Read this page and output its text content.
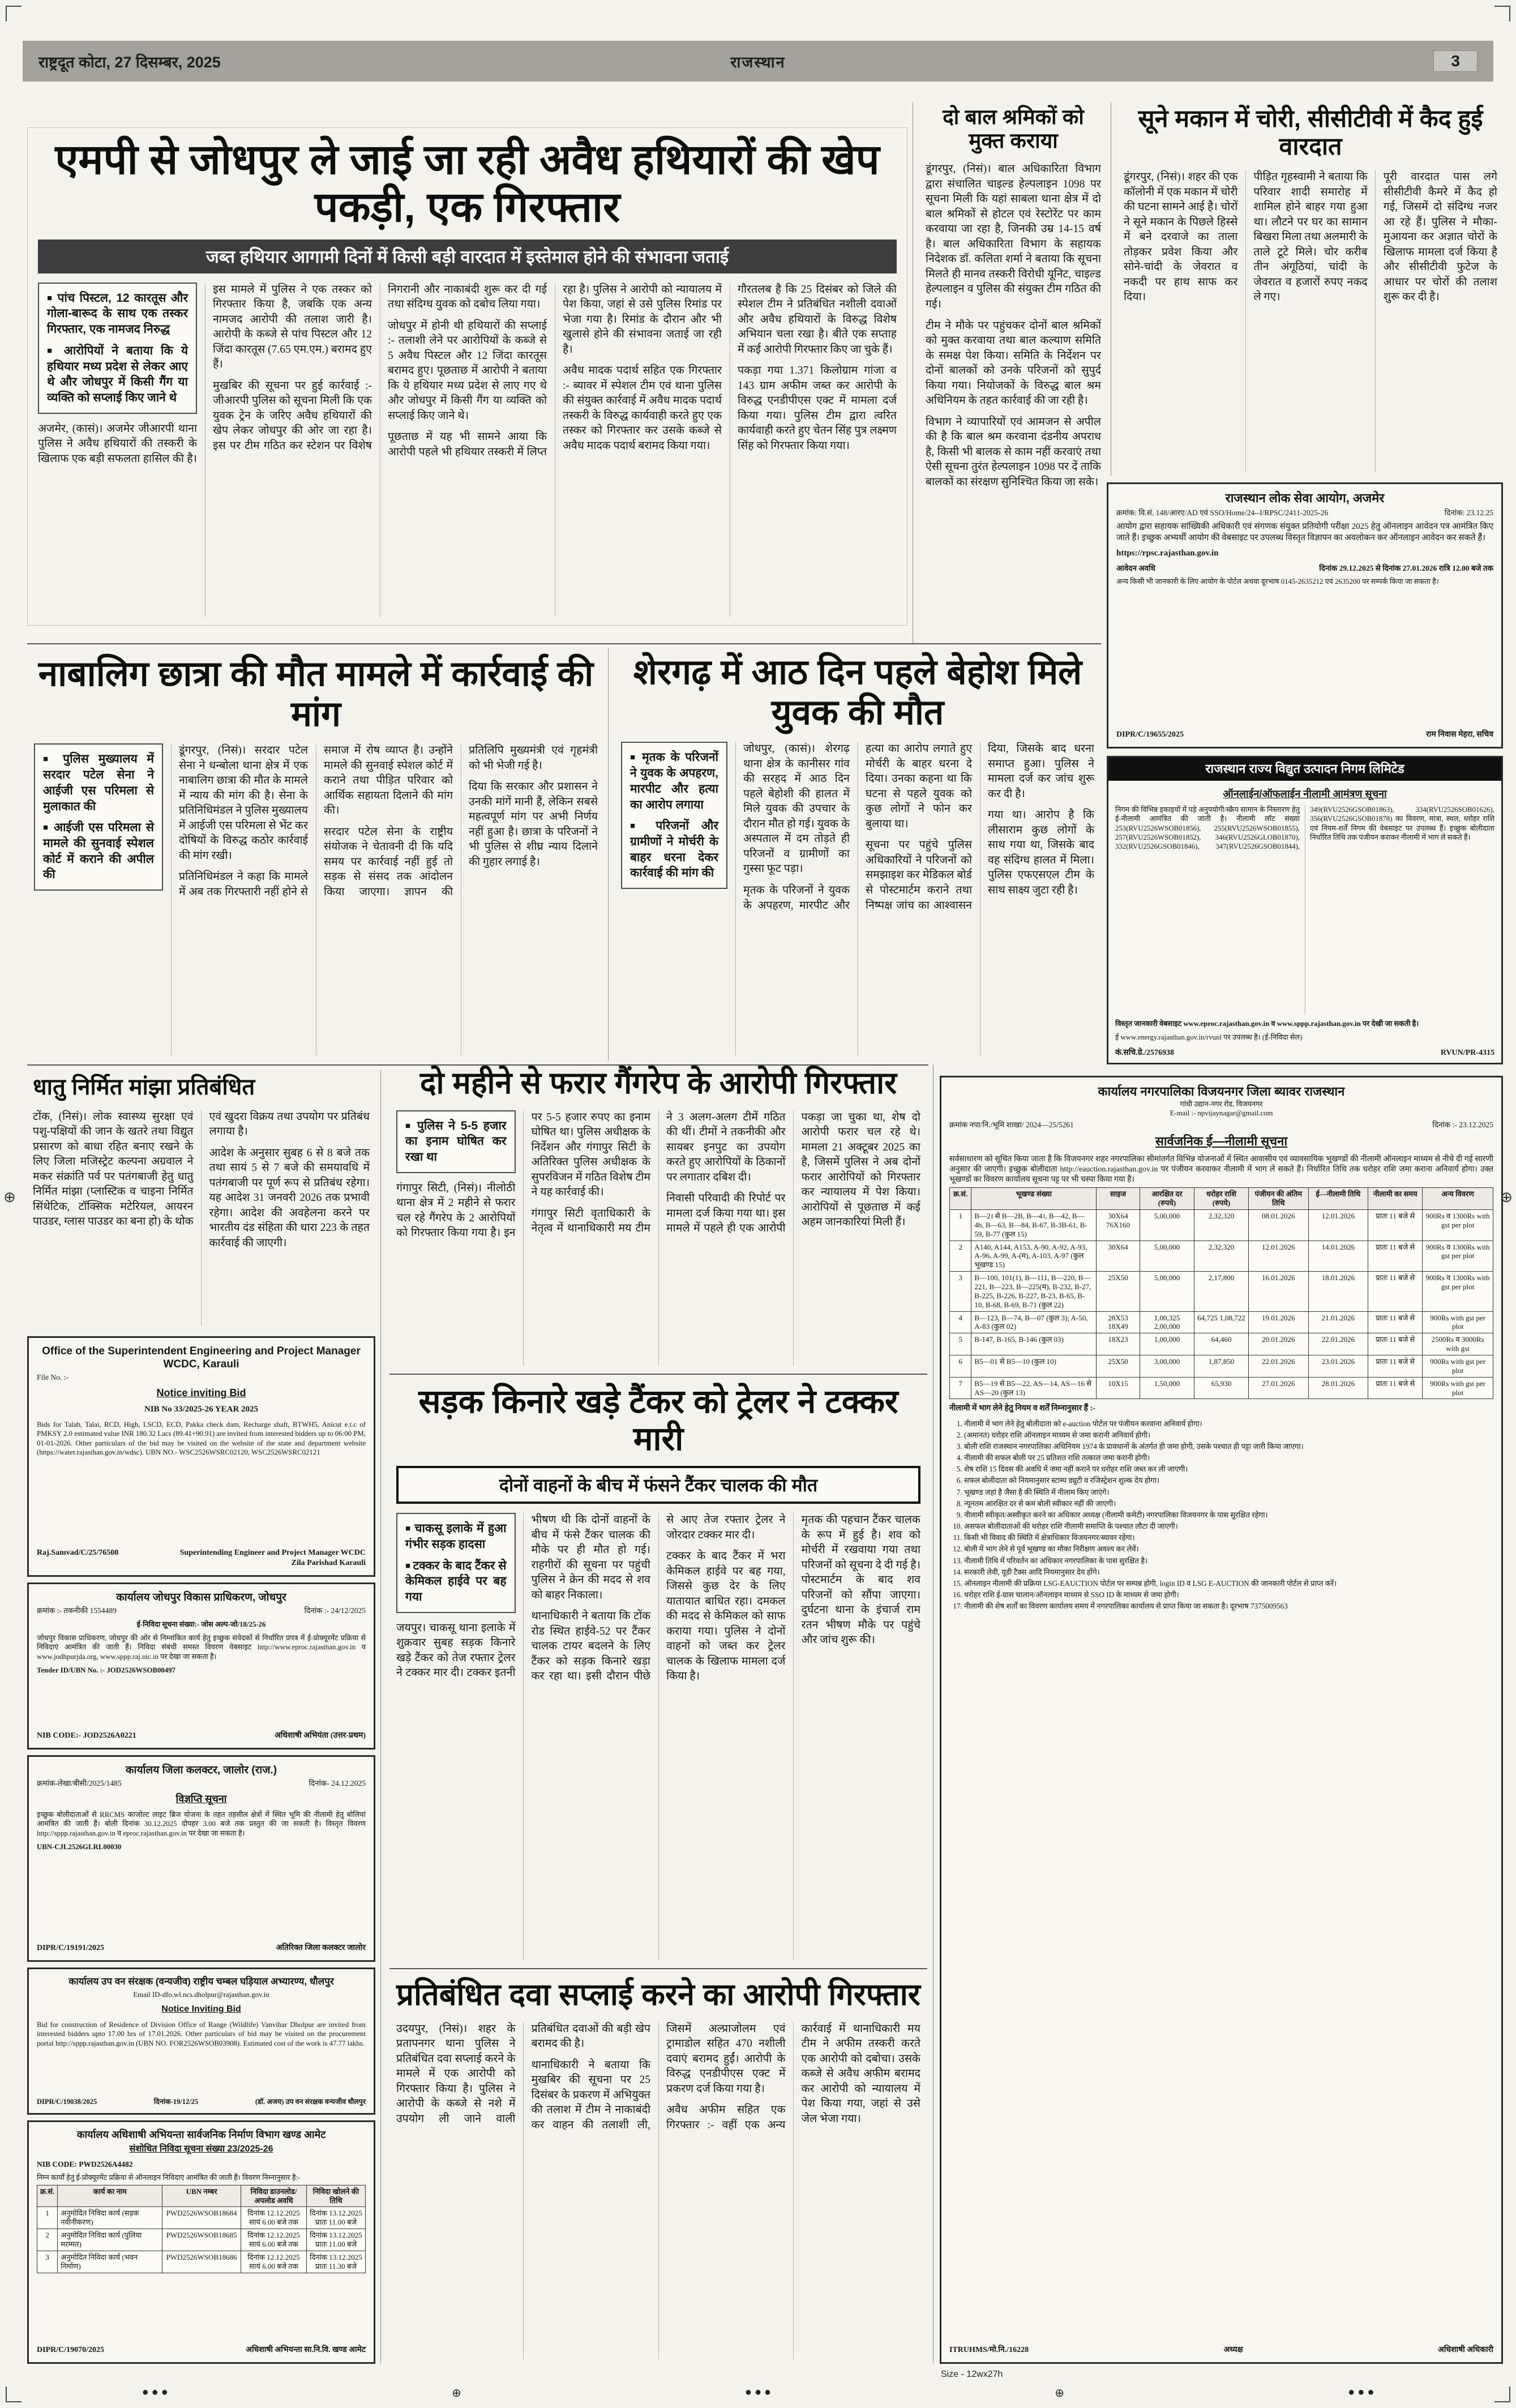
राष्ट्रदूत कोटा, 27 दिसम्बर, 2025	राजस्थान	3
एमपी से जोधपुर ले जाई जा रही अवैध हथियारों की खेप पकड़ी, एक गिरफ्तार
जब्त हथियार आगामी दिनों में किसी बड़ी वारदात में इस्तेमाल होने की संभावना जताई
■ पांच पिस्टल, 12 कारतूस और गोला-बारूद के साथ एक तस्कर गिरफ्तार, एक नामजद निरुद्ध
■ आरोपियों ने बताया कि ये हथियार मध्य प्रदेश से लेकर आए थे और जोधपुर में किसी गैंग या व्यक्ति को सप्लाई किए जाने थे

अजमेर, (कासं)। अजमेर जीआरपी थाना पुलिस ने अवैध हथियारों की तस्करी के खिलाफ एक बड़ी सफलता हासिल की है। इस मामले में पुलिस ने एक तस्कर को गिरफ्तार किया है, जबकि एक अन्य नामजद आरोपी की तलाश जारी है। आरोपी के कब्जे से पांच पिस्टल और 12 जिंदा कारतूस (7.65 एम.एम.) बरामद हुए हैं।

मुखबिर की सूचना पर हुई कार्रवाई :- जीआरपी पुलिस को सूचना मिली कि एक युवक ट्रेन के जरिए अवैध हथियारों की खेप लेकर जोधपुर की ओर जा रहा है। इस पर टीम गठित कर स्टेशन पर विशेष निगरानी और नाकाबंदी शुरू कर दी गई तथा संदिग्ध युवक को दबोच लिया गया।

जोधपुर में होनी थी हथियारों की सप्लाई :- तलाशी लेने पर आरोपियों के कब्जे से 5 अवैध पिस्टल और 12 जिंदा कारतूस बरामद हुए। पूछताछ में आरोपी ने बताया कि ये हथियार मध्य प्रदेश से लाए गए थे और जोधपुर में किसी गैंग या व्यक्ति को सप्लाई किए जाने थे।

पूछताछ में यह भी सामने आया कि आरोपी पहले भी हथियार तस्करी में लिप्त रहा है। पुलिस ने आरोपी को न्यायालय में पेश किया, जहां से उसे पुलिस रिमांड पर भेजा गया है। रिमांड के दौरान और भी खुलासे होने की संभावना जताई जा रही है।

अवैध मादक पदार्थ सहित एक गिरफ्तार :- ब्यावर में स्पेशल टीम एवं थाना पुलिस की संयुक्त कार्रवाई में अवैध मादक पदार्थ तस्करी के विरुद्ध कार्यवाही करते हुए एक तस्कर को गिरफ्तार कर उसके कब्जे से अवैध मादक पदार्थ बरामद किया गया।

गौरतलब है कि 25 दिसंबर को जिले की स्पेशल टीम ने प्रतिबंधित नशीली दवाओं और अवैध हथियारों के विरुद्ध विशेष अभियान चला रखा है। बीते एक सप्ताह में कई आरोपी गिरफ्तार किए जा चुके हैं।

पकड़ा गया 1.371 किलोग्राम गांजा व 143 ग्राम अफीम जब्त कर आरोपी के विरुद्ध एनडीपीएस एक्ट में मामला दर्ज किया गया। पुलिस टीम द्वारा त्वरित कार्यवाही करते हुए चेतन सिंह पुत्र लक्ष्मण सिंह को गिरफ्तार किया गया।

दो बाल श्रमिकों को मुक्त कराया

डूंगरपुर, (निसं)। बाल अधिकारिता विभाग द्वारा संचालित चाइल्ड हेल्पलाइन 1098 पर सूचना मिली कि यहां साबला थाना क्षेत्र में दो बाल श्रमिकों से होटल एवं रेस्टोरेंट पर काम करवाया जा रहा है, जिनकी उम्र 14-15 वर्ष है। बाल अधिकारिता विभाग के सहायक निदेशक डॉ. कलिता शर्मा ने बताया कि सूचना मिलते ही मानव तस्करी विरोधी यूनिट, चाइल्ड हेल्पलाइन व पुलिस की संयुक्त टीम गठित की गई।

टीम ने मौके पर पहुंचकर दोनों बाल श्रमिकों को मुक्त करवाया तथा बाल कल्याण समिति के समक्ष पेश किया। समिति के निर्देशन पर दोनों बालकों को उनके परिजनों को सुपुर्द किया गया। नियोजकों के विरुद्ध बाल श्रम अधिनियम के तहत कार्रवाई की जा रही है।

विभाग ने व्यापारियों एवं आमजन से अपील की है कि बाल श्रम करवाना दंडनीय अपराध है, किसी भी बालक से काम नहीं करवाएं तथा ऐसी सूचना तुरंत हेल्पलाइन 1098 पर दें ताकि बालकों का संरक्षण सुनिश्चित किया जा सके।

सूने मकान में चोरी, सीसीटीवी में कैद हुई वारदात

डूंगरपुर, (निसं)। शहर की एक कॉलोनी में एक मकान में चोरी की घटना सामने आई है। चोरों ने सूने मकान के पिछले हिस्से में बने दरवाजे का ताला तोड़कर प्रवेश किया और सोने-चांदी के जेवरात व नकदी पर हाथ साफ कर दिया।

पीड़ित गृहस्वामी ने बताया कि परिवार शादी समारोह में शामिल होने बाहर गया हुआ था। लौटने पर घर का सामान बिखरा मिला तथा अलमारी के ताले टूटे मिले। चोर करीब तीन अंगूठियां, चांदी के जेवरात व हजारों रुपए नकद ले गए।

पूरी वारदात पास लगे सीसीटीवी कैमरे में कैद हो गई, जिसमें दो संदिग्ध नजर आ रहे हैं। पुलिस ने मौका-मुआयना कर अज्ञात चोरों के खिलाफ मामला दर्ज किया है और सीसीटीवी फुटेज के आधार पर चोरों की तलाश शुरू कर दी है।

राजस्थान लोक सेवा आयोग, अजमेर
क्रमांक: वि.सं. 148/आरए/AD एवं SSO/Home/24--I/RPSC/2411-2025-26	दिनांक: 23.12.25
आयोग द्वारा सहायक सांख्यिकी अधिकारी एवं संगणक संयुक्त प्रतियोगी परीक्षा 2025 हेतु ऑनलाइन आवेदन पत्र आमंत्रित किए जाते हैं। इच्छुक अभ्यर्थी आयोग की वेबसाइट पर उपलब्ध विस्तृत विज्ञापन का अवलोकन कर ऑनलाइन आवेदन कर सकते हैं।
https://rpsc.rajasthan.gov.in
आवेदन अवधि	दिनांक 29.12.2025 से दिनांक 27.01.2026 रात्रि 12.00 बजे तक
अन्य किसी भी जानकारी के लिए आयोग के पोर्टल अथवा दूरभाष 0145-2635212 एवं 2635200 पर सम्पर्क किया जा सकता है।
DIPR/C/19655/2025	राम निवास मेहरा, सचिव
नाबालिग छात्रा की मौत मामले में कार्रवाई की मांग
■ पुलिस मुख्यालय में सरदार पटेल सेना ने आईजी एस परिमला से मुलाकात की
■ आईजी एस परिमला से मामले की सुनवाई स्पेशल कोर्ट में कराने की अपील की

डूंगरपुर, (निसं)। सरदार पटेल सेना ने धन्बोला थाना क्षेत्र में एक नाबालिग छात्रा की मौत के मामले में न्याय की मांग की है। सेना के प्रतिनिधिमंडल ने पुलिस मुख्यालय में आईजी एस परिमला से भेंट कर दोषियों के विरुद्ध कठोर कार्रवाई की मांग रखी।

प्रतिनिधिमंडल ने कहा कि मामले में अब तक गिरफ्तारी नहीं होने से समाज में रोष व्याप्त है। उन्होंने मामले की सुनवाई स्पेशल कोर्ट में कराने तथा पीड़ित परिवार को आर्थिक सहायता दिलाने की मांग की।

सरदार पटेल सेना के राष्ट्रीय संयोजक ने चेतावनी दी कि यदि समय पर कार्रवाई नहीं हुई तो सड़क से संसद तक आंदोलन किया जाएगा। ज्ञापन की प्रतिलिपि मुख्यमंत्री एवं गृहमंत्री को भी भेजी गई है।

दिया कि सरकार और प्रशासन ने उनकी मांगें मानी हैं, लेकिन सबसे महत्वपूर्ण मांग पर अभी निर्णय नहीं हुआ है। छात्रा के परिजनों ने भी पुलिस से शीघ्र न्याय दिलाने की गुहार लगाई है।

शेरगढ़ में आठ दिन पहले बेहोश मिले युवक की मौत
■ मृतक के परिजनों ने युवक के अपहरण, मारपीट और हत्या का आरोप लगाया
■ परिजनों और ग्रामीणों ने मोर्चरी के बाहर धरना देकर कार्रवाई की मांग की

जोधपुर, (कासं)। शेरगढ़ थाना क्षेत्र के कानीसर गांव की सरहद में आठ दिन पहले बेहोशी की हालत में मिले युवक की उपचार के दौरान मौत हो गई। युवक के अस्पताल में दम तोड़ते ही परिजनों व ग्रामीणों का गुस्सा फूट पड़ा।

मृतक के परिजनों ने युवक के अपहरण, मारपीट और हत्या का आरोप लगाते हुए मोर्चरी के बाहर धरना दे दिया। उनका कहना था कि घटना से पहले युवक को कुछ लोगों ने फोन कर बुलाया था।

सूचना पर पहुंचे पुलिस अधिकारियों ने परिजनों को समझाइश कर मेडिकल बोर्ड से पोस्टमार्टम कराने तथा निष्पक्ष जांच का आश्वासन दिया, जिसके बाद धरना समाप्त हुआ। पुलिस ने मामला दर्ज कर जांच शुरू कर दी है।

गया था। आरोप है कि लीसाराम कुछ लोगों के साथ गया था, जिसके बाद वह संदिग्ध हालत में मिला। पुलिस एफएसएल टीम के साथ साक्ष्य जुटा रही है।

राजस्थान राज्य विद्युत उत्पादन निगम लिमिटेड
ऑनलाईन/ऑफलाईन नीलामी आमंत्रण सूचना
निगम की विभिन्न इकाइयों में पड़े अनुपयोगी/स्क्रैप सामान के निस्तारण हेतु ई-नीलामी आमंत्रित की जाती है। नीलामी लॉट संख्या 253(RVU2526WSOB01856), 255(RVU2526WSOB01855), 257(RVU2526WSOB01852), 346(RVU2526GLOB01870), 332(RVU2526GSOB01846), 347(RVU2526GSOB01844), 349(RVU2526GSOB01863), 334(RVU2526SOB01626), 356(RVU2526GSOB01878) का विवरण, मात्रा, स्थल, धरोहर राशि एवं नियम-शर्तें निगम की वेबसाइट पर उपलब्ध हैं। इच्छुक बोलीदाता निर्धारित तिथि तक पंजीयन कराकर नीलामी में भाग ले सकते हैं।
विस्तृत जानकारी वेबसाइट www.eproc.rajasthan.gov.in व www.sppp.rajasthan.gov.in पर देखी जा सकती है।
ई www.energy.rajasthan.gov.in/rvunl पर उपलब्ध है। (ई-निविदा सेल)
कं.सचि.ग्रे./2576938	RVUN/PR-4315
धातु निर्मित मांझा प्रतिबंधित

टोंक, (निसं)। लोक स्वास्थ्य सुरक्षा एवं पशु-पक्षियों की जान के खतरे तथा विद्युत प्रसारण को बाधा रहित बनाए रखने के लिए जिला मजिस्ट्रेट कल्पना अग्रवाल ने मकर संक्रांति पर्व पर पतंगबाजी हेतु धातु निर्मित मांझा (प्लास्टिक व चाइना निर्मित सिंथेटिक, टॉक्सिक मटेरियल, आयरन पाउडर, ग्लास पाउडर का बना हो) के थोक एवं खुदरा विक्रय तथा उपयोग पर प्रतिबंध लगाया है।

आदेश के अनुसार सुबह 6 से 8 बजे तक तथा सायं 5 से 7 बजे की समयावधि में पतंगबाजी पर पूर्ण रूप से प्रतिबंध रहेगा। यह आदेश 31 जनवरी 2026 तक प्रभावी रहेगा। आदेश की अवहेलना करने पर भारतीय दंड संहिता की धारा 223 के तहत कार्रवाई की जाएगी।

दो महीने से फरार गैंगरेप के आरोपी गिरफ्तार
■ पुलिस ने 5-5 हजार का इनाम घोषित कर रखा था

गंगापुर सिटी, (निसं)। नीलोठी थाना क्षेत्र में 2 महीने से फरार चल रहे गैंगरेप के 2 आरोपियों को गिरफ्तार किया गया है। इन पर 5-5 हजार रुपए का इनाम घोषित था। पुलिस अधीक्षक के निर्देशन और गंगापुर सिटी के अतिरिक्त पुलिस अधीक्षक के सुपरविजन में गठित विशेष टीम ने यह कार्रवाई की।

गंगापुर सिटी वृताधिकारी के नेतृत्व में थानाधिकारी मय टीम ने 3 अलग-अलग टीमें गठित की थीं। टीमों ने तकनीकी और सायबर इनपुट का उपयोग करते हुए आरोपियों के ठिकानों पर लगातार दबिश दी।

निवासी परिवादी की रिपोर्ट पर मामला दर्ज किया गया था। इस मामले में पहले ही एक आरोपी पकड़ा जा चुका था, शेष दो आरोपी फरार चल रहे थे। मामला 21 अक्टूबर 2025 का है, जिसमें पुलिस ने अब दोनों फरार आरोपियों को गिरफ्तार कर न्यायालय में पेश किया। आरोपियों से पूछताछ में कई अहम जानकारियां मिली हैं।

सड़क किनारे खड़े टैंकर को ट्रेलर ने टक्कर मारी
दोनों वाहनों के बीच में फंसने टैंकर चालक की मौत
■ चाकसू इलाके में हुआ गंभीर सड़क हादसा
■ टक्कर के बाद टैंकर से केमिकल हाईवे पर बह गया

जयपुर। चाकसू थाना इलाके में शुक्रवार सुबह सड़क किनारे खड़े टैंकर को तेज रफ्तार ट्रेलर ने टक्कर मार दी। टक्कर इतनी भीषण थी कि दोनों वाहनों के बीच में फंसे टैंकर चालक की मौके पर ही मौत हो गई। राहगीरों की सूचना पर पहुंची पुलिस ने क्रेन की मदद से शव को बाहर निकाला।

थानाधिकारी ने बताया कि टोंक रोड स्थित हाईवे-52 पर टैंकर चालक टायर बदलने के लिए टैंकर को सड़क किनारे खड़ा कर रहा था। इसी दौरान पीछे से आए तेज रफ्तार ट्रेलर ने जोरदार टक्कर मार दी।

टक्कर के बाद टैंकर में भरा केमिकल हाईवे पर बह गया, जिससे कुछ देर के लिए यातायात बाधित रहा। दमकल की मदद से केमिकल को साफ कराया गया। पुलिस ने दोनों वाहनों को जब्त कर ट्रेलर चालक के खिलाफ मामला दर्ज किया है।

मृतक की पहचान टैंकर चालक के रूप में हुई है। शव को मोर्चरी में रखवाया गया तथा परिजनों को सूचना दे दी गई है। पोस्टमार्टम के बाद शव परिजनों को सौंपा जाएगा। दुर्घटना थाना के इंचार्ज राम रतन भीषण मौके पर पहुंचे और जांच शुरू की।

प्रतिबंधित दवा सप्लाई करने का आरोपी गिरफ्तार

उदयपुर, (निसं)। शहर के प्रतापनगर थाना पुलिस ने प्रतिबंधित दवा सप्लाई करने के मामले में एक आरोपी को गिरफ्तार किया है। पुलिस ने आरोपी के कब्जे से नशे में उपयोग ली जाने वाली प्रतिबंधित दवाओं की बड़ी खेप बरामद की है।

थानाधिकारी ने बताया कि मुखबिर की सूचना पर 25 दिसंबर के प्रकरण में अभियुक्त की तलाश में टीम ने नाकाबंदी कर वाहन की तलाशी ली, जिसमें अल्प्राजोलम एवं ट्रामाडोल सहित 470 नशीली दवाएं बरामद हुईं। आरोपी के विरुद्ध एनडीपीएस एक्ट में प्रकरण दर्ज किया गया है।

अवैध अफीम सहित एक गिरफ्तार :- वहीं एक अन्य कार्रवाई में थानाधिकारी मय टीम ने अफीम तस्करी करते एक आरोपी को दबोचा। उसके कब्जे से अवैध अफीम बरामद कर आरोपी को न्यायालय में पेश किया गया, जहां से उसे जेल भेजा गया।

Office of the Superintendent Engineering and Project Manager WCDC, Karauli
File No. :-
Notice inviting Bid
NIB No 33/2025-26 YEAR 2025
Bids for Talab, Talai, RCD, High, LSCD, ECD, Pakka check dam, Recharge shaft, BTWH5, Anicut e.t.c of PMKSY 2.0 estimated value INR 180.32 Lacs (89.41+90.91) are invited from interested bidders up to 06:00 PM, 01-01-2026. Other particulars of the bid may be visited on the website of the state and department website (https://water.rajasthan.gov.in/wdsc). UBN NO.- WSC2526WSRC02120, WSC2526WSRC02121
Raj.Samvad/C/25/76508	Superintending Engineer and Project Manager WCDC Zila Parishad Karauli
कार्यालय जोधपुर विकास प्राधिकरण, जोधपुर
क्रमांक :- तकनीकी 1554489	दिनांक :- 24/12/2025
ई-निविदा सूचना संख्या:- जोस अल्प-जो/18/25-26
जोधपुर विकास प्राधिकरण, जोधपुर की ओर से निम्नांकित कार्य हेतु इच्छुक संवेदकों से निर्धारित प्रपत्र में ई-प्रोक्यूरमेंट प्रक्रिया से निविदाएं आमंत्रित की जाती हैं। निविदा संबंधी समस्त विवरण वेबसाइट http://www.eproc.rajasthan.gov.in व www.jodhpurjda.org, www.sppp.raj.nic.in पर देखा जा सकता है।
Tender ID/UBN No. :- JOD2526WSOB00497
NIB CODE:- JOD2526A0221	अधिशाषी अभियंता (उत्तर-प्रथम)
कार्यालय जिला कलक्टर, जालोर (राज.)
क्रमांक-लेखा/बीसी/2025/1485	दिनांक- 24.12.2025
विज्ञप्ति सूचना
इच्छुक बोलीदाताओं से RRCMS काजोल्ट लाइट ब्रिज योजना के तहत तहसील क्षेत्रों में स्थित भूमि की नीलामी हेतु बोलियां आमंत्रित की जाती हैं। बोली दिनांक 30.12.2025 दोपहर 3.00 बजे तक प्रस्तुत की जा सकती है। विस्तृत विवरण http://sppp.rajasthan.gov.in व eproc.rajasthan.gov.in पर देखा जा सकता है।
UBN-CJL2526GLRL00030
DIPR/C/19191/2025	अतिरिक्त जिला कलक्टर जालोर
कार्यालय उप वन संरक्षक (वन्यजीव) राष्ट्रीय चम्बल घड़ियाल अभ्यारण्य, धौलपुर
Email ID-dfo.wl.ncs.dholpur@rajasthan.gov.in
Notice Inviting Bid
Bid for construction of Residence of Division Office of Range (Wildlife) Vanvihar Dholpur are invited from interested bidders upto 17.00 hrs of 17.01.2026. Other particulars of bid may be visited on the procurement portal http://sppp.rajasthan.gov.in (UBN NO. FOR2526WSOB03908). Estimated cost of the work is 47.77 lakhs.
DIPR/C/19038/2025	दिनांक-19/12/25	(डॉ. अजय) उप वन संरक्षक वन्यजीव धौलपुर
कार्यालय अधिशाषी अभियन्ता सार्वजनिक निर्माण विभाग खण्ड आमेट
संशोधित निविदा सूचना संख्या 23/2025-26
NIB CODE: PWD2526A4482
निम्न कार्यों हेतु ई-प्रोक्यूरमेंट प्रक्रिया से ऑनलाइन निविदाएं आमंत्रित की जाती हैं। विवरण निम्नानुसार है:-
क्र.सं.	कार्य का नाम	UBN नम्बर	निविदा डाउनलोड/अपलोड अवधि	निविदा खोलने की तिथि
1	अनुमोदित निविदा कार्य (सड़क नवीनीकरण)	PWD2526WSOB18684	दिनांक 12.12.2025 सायं 6.00 बजे तक	दिनांक 13.12.2025 प्रातः 11.00 बजे
2	अनुमोदित निविदा कार्य (पुलिया मरम्मत)	PWD2526WSOB18685	दिनांक 12.12.2025 सायं 6.00 बजे तक	दिनांक 13.12.2025 प्रातः 11.00 बजे
3	अनुमोदित निविदा कार्य (भवन निर्माण)	PWD2526WSOB18686	दिनांक 12.12.2025 सायं 6.00 बजे तक	दिनांक 13.12.2025 प्रातः 11.30 बजे
DIPR/C/19070/2025	अधिशाषी अभियन्ता सा.नि.वि. खण्ड आमेट
कार्यालय नगरपालिका विजयनगर जिला ब्यावर राजस्थान
गांधी उद्यान-नगर रोड, विजयनगर
E-mail :- npvijaynagar@gmail.com
क्रमांक नपा/नि./भूमि शाखा/ 2024—25/5261	दिनांक :- 23.12.2025
सार्वजनिक ई—नीलामी सूचना
सर्वसाधारण को सूचित किया जाता है कि विजयनगर शहर नगरपालिका सीमांतर्गत विभिन्न योजनाओं में स्थित आवासीय एवं व्यावसायिक भूखण्डों की नीलामी ऑनलाइन माध्यम से नीचे दी गई सारणी अनुसार की जाएगी। इच्छुक बोलीदाता http://eauction.rajasthan.gov.in पर पंजीयन करवाकर नीलामी में भाग ले सकते हैं। निर्धारित तिथि तक धरोहर राशि जमा कराना अनिवार्य होगा। उक्त भूखण्डों का विवरण कार्यालय सूचना पट्ट पर भी चस्पा किया गया है।
क्र.सं.	भूखण्ड संख्या	साइज	आरक्षित दर (रुपये)	धरोहर राशि (रुपये)	पंजीयन की अंतिम तिथि	ई—नीलामी तिथि	नीलामी का समय	अन्य विवरण
1	B—2। से B—2B, B—4।, B—42, B—4b, B—63, B—84, B-67, B-3B-61, B-59, B-77 (कुल 15)	30X64 76X160	5,00,000	2,32,320	08.01.2026	12.01.2026	प्रातः 11 बजे से	900Rs व 1300Rs with gst per plot
2	A140, A144, A153, A-90, A-92, A-93, A-96, A-99, A-(म), A-103, A-97 (कुल भूखण्ड 15)	30X64	5,00,000	2,32,320	12.01.2026	14.01.2026	प्रातः 11 बजे से	900Rs व 1300Rs with gst per plot
3	B—100, 101(1), B—111, B—220, B—221, B—223, B—225(म), B-232, B-27, B-225, B-226, B-227, B-23, B-65, B-10, B-68, B-69, B-71 (कुल 22)	25X50	5,00,000	2,17,800	16.01.2026	18.01.2026	प्रातः 11 बजे से	900Rs व 1300Rs with gst per plot
4	B—123, B—74, B—07 (कुल 3); A-50, A-83 (कुल 02)	28X53 18X49	1,00,325 2,00,000	64,725 1,08,722	19.01.2026	21.01.2026	प्रातः 11 बजे से	900Rs with gst per plot
5	B-147, B-165, B-146 (कुल 03)	18X23	1,00,000	64,460	20.01.2026	22.01.2026	प्रातः 11 बजे से	2500Rs व 3000Rs with gst
6	B5—01 से B5—10 (कुल 10)	25X50	3,00,000	1,87,850	22.01.2026	23.01.2026	प्रातः 11 बजे से	900Rs with gst per plot
7	B5—19 से B5—22, AS—14, AS—16 से AS—20 (कुल 13)	10X15	1,50,000	65,930	27.01.2026	28.01.2026	प्रातः 11 बजे से	900Rs with gst per plot
नीलामी में भाग लेने हेतु नियम व शर्तें निम्नानुसार हैं :-
1. नीलामी में भाग लेने हेतु बोलीदाता को e-auction पोर्टल पर पंजीयन करवाना अनिवार्य होगा।
2. (अमानत) धरोहर राशि ऑनलाइन माध्यम से जमा करानी अनिवार्य होगी।
3. बोली राशि राजस्थान नगरपालिका अधिनियम 1974 के प्रावधानों के अंतर्गत ही जमा होगी, उसके पश्चात ही पट्टा जारी किया जाएगा।
4. नीलामी की सफल बोली पर 25 प्रतिशत राशि तत्काल जमा करानी होगी।
5. शेष राशि 15 दिवस की अवधि में जमा नहीं कराने पर धरोहर राशि जब्त कर ली जाएगी।
6. सफल बोलीदाता को नियमानुसार स्टाम्प ड्यूटी व रजिस्ट्रेशन शुल्क देय होगा।
7. भूखण्ड जहां है जैसा है की स्थिति में नीलाम किए जाएंगे।
8. न्यूनतम आरक्षित दर से कम बोली स्वीकार नहीं की जाएगी।
9. नीलामी स्वीकृत/अस्वीकृत करने का अधिकार अध्यक्ष (नीलामी कमेटी) नगरपालिका विजयनगर के पास सुरक्षित रहेगा।
10. असफल बोलीदाताओं की धरोहर राशि नीलामी समाप्ति के पश्चात लौटा दी जाएगी।
11. किसी भी विवाद की स्थिति में क्षेत्राधिकार विजयनगर/ब्यावर रहेगा।
12. बोली में भाग लेने से पूर्व भूखण्ड का मौका निरीक्षण अवश्य कर लेवें।
13. नीलामी तिथि में परिवर्तन का अधिकार नगरपालिका के पास सुरक्षित है।
14. सरकारी लेवी, यूडी टैक्स आदि नियमानुसार देय होंगे।
15. ऑनलाइन नीलामी की प्रक्रिया LSG-EAUCTION पोर्टल पर सम्पन्न होगी, login ID व LSG E-AUCTION की जानकारी पोर्टल से प्राप्त करें।
16. धरोहर राशि ई-ग्रास चालान/ऑनलाइन माध्यम से SSO ID के माध्यम से जमा होगी।
17. नीलामी की शेष शर्तों का विवरण कार्यालय समय में नगरपालिका कार्यालय से प्राप्त किया जा सकता है। दूरभाष 7375009563
ITRUHMS/मो.नि./16228	अध्यक्ष	अधिशाषी अधिकारी
Size - 12wx27h
⊕	⊕
● ● ●	⊕	● ● ●	⊕	● ● ●
